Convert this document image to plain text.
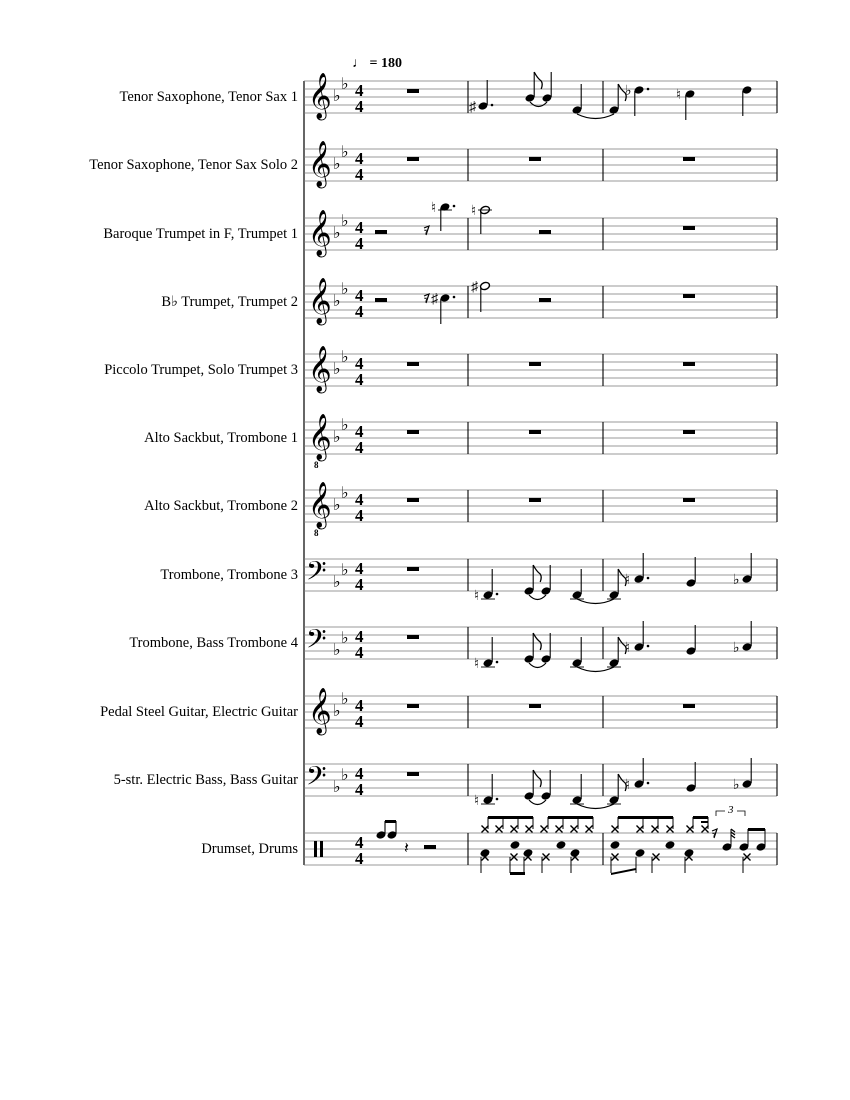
♩ = 180
Tenor Saxophone, Tenor Sax 1
Tenor Saxophone, Tenor Sax Solo 2
Baroque Trumpet in F, Trumpet 1
B♭ Trumpet, Trumpet 2
Piccolo Trumpet, Solo Trumpet 3
Alto Sackbut, Trombone 1
Alto Sackbut, Trombone 2
Trombone, Trombone 3
Trombone, Bass Trombone 4
Pedal Steel Guitar, Electric Guitar
5-str. Electric Bass, Bass Guitar
Drumset, Drums
𝄞 ♭
♭ 4
4
𝄞 ♭
♭ 4
4
𝄞 ♭
♭ 4
4
𝄞 ♭
♭ 4
4
𝄞 ♭
♭ 4
4
𝄞
8
♭
♭ 4
4
𝄞
8
♭
♭ 4
4
𝄢 ♭
♭ 4
4
𝄢 ♭
♭ 4
4
𝄞 ♭
♭ 4
4
𝄢 ♭
♭ 4
4
4
4
♯
♭	♮
𝄾
♮ ♮
𝄾 ♯
♯
♮
♮	♭
♮
♮	♭
♮
♮	♭
𝄽
𝄾
3
